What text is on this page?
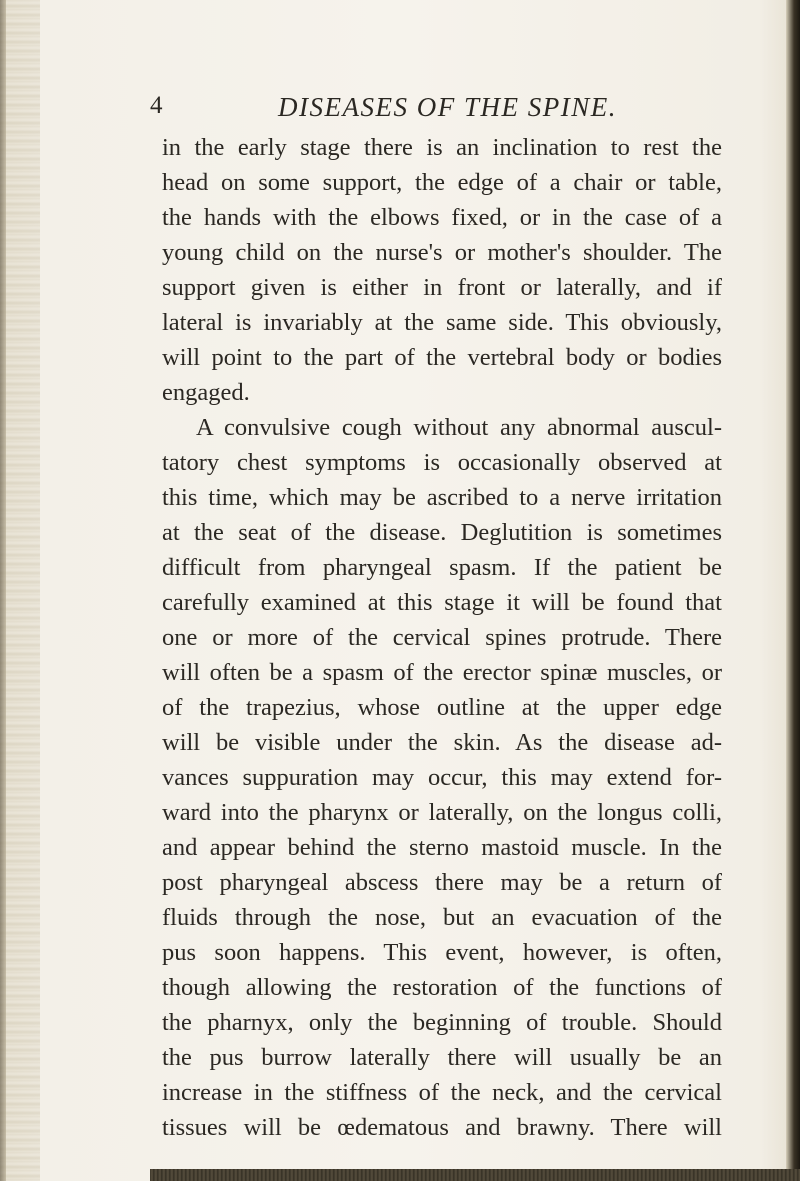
4	DISEASES OF THE SPINE.
in the early stage there is an inclination to rest the
head on some support, the edge of a chair or table,
the hands with the elbows fixed, or in the case of a
young child on the nurse's or mother's shoulder. The
support given is either in front or laterally, and if
lateral is invariably at the same side. This obviously,
will point to the part of the vertebral body or bodies
engaged.
A convulsive cough without any abnormal auscul-
tatory chest symptoms is occasionally observed at
this time, which may be ascribed to a nerve irritation
at the seat of the disease. Deglutition is sometimes
difficult from pharyngeal spasm. If the patient be
carefully examined at this stage it will be found that
one or more of the cervical spines protrude. There
will often be a spasm of the erector spinæ muscles, or
of the trapezius, whose outline at the upper edge
will be visible under the skin. As the disease ad-
vances suppuration may occur, this may extend for-
ward into the pharynx or laterally, on the longus colli,
and appear behind the sterno mastoid muscle. In the
post pharyngeal abscess there may be a return of
fluids through the nose, but an evacuation of the
pus soon happens. This event, however, is often,
though allowing the restoration of the functions of
the pharnyx, only the beginning of trouble. Should
the pus burrow laterally there will usually be an
increase in the stiffness of the neck, and the cervical
tissues will be œdematous and brawny. There will
